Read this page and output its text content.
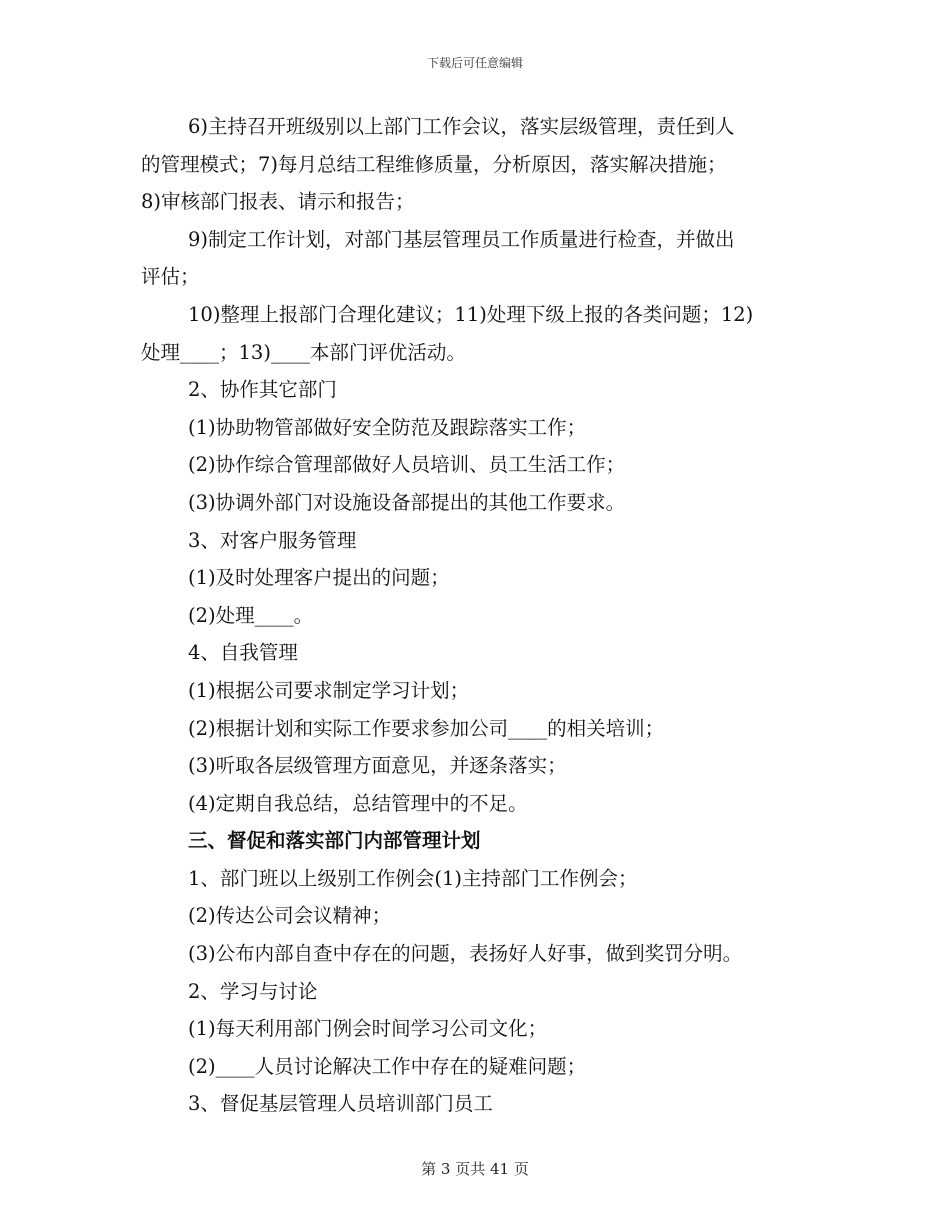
下载后可任意编辑
6)主持召开班级别以上部门工作会议，落实层级管理，责任到人
的管理模式；7)每月总结工程维修质量，分析原因，落实解决措施；
8)审核部门报表、请示和报告；
9)制定工作计划，对部门基层管理员工作质量进行检查，并做出
评估；
10)整理上报部门合理化建议；11)处理下级上报的各类问题；12)
处理____；13)____本部门评优活动。
2、协作其它部门
(1)协助物管部做好安全防范及跟踪落实工作；
(2)协作综合管理部做好人员培训、员工生活工作；
(3)协调外部门对设施设备部提出的其他工作要求。
3、对客户服务管理
(1)及时处理客户提出的问题；
(2)处理____。
4、自我管理
(1)根据公司要求制定学习计划；
(2)根据计划和实际工作要求参加公司____的相关培训；
(3)听取各层级管理方面意见，并逐条落实；
(4)定期自我总结，总结管理中的不足。
三、督促和落实部门内部管理计划
1、部门班以上级别工作例会(1)主持部门工作例会；
(2)传达公司会议精神；
(3)公布内部自查中存在的问题，表扬好人好事，做到奖罚分明。
2、学习与讨论
(1)每天利用部门例会时间学习公司文化；
(2)____人员讨论解决工作中存在的疑难问题；
3、督促基层管理人员培训部门员工
第 3 页共 41 页
